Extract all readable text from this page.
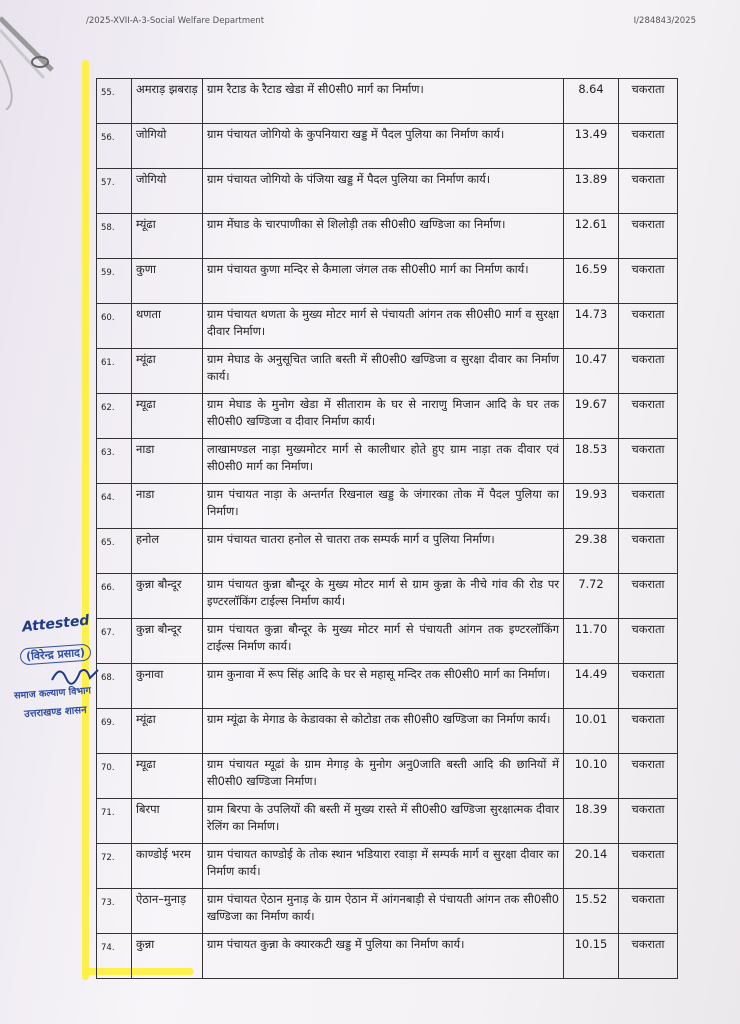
/2025-XVII-A-3-Social Welfare Department	I/284843/2025
55.	अमराड़ झबराड़	ग्राम रैटाड के रैटाड खेडा में सी0सी0 मार्ग का निर्माण।	8.64	चकराता
56.	जोगियो	ग्राम पंचायत जोगियो के कुपनियारा खड्ड में पैदल पुलिया का निर्माण कार्य।	13.49	चकराता
57.	जोगियो	ग्राम पंचायत जोगियो के पंजिया खड्ड में पैदल पुलिया का निर्माण कार्य।	13.89	चकराता
58.	म्यूंढा	ग्राम मेंघाड के चारपाणीका से शिलोड़ी तक सी0सी0 खण्डिजा का निर्माण।	12.61	चकराता
59.	कुणा	ग्राम पंचायत कुणा मन्दिर से कैमाला जंगल तक सी0सी0 मार्ग का निर्माण कार्य।	16.59	चकराता
60.	थणता	ग्राम पंचायत थणता के मुख्य मोटर मार्ग से पंचायती आंगन तक सी0सी0 मार्ग व सुरक्षा दीवार निर्माण।	14.73	चकराता
61.	म्यूंढा	ग्राम मेघाड के अनुसूचित जाति बस्ती में सी0सी0 खण्डिजा व सुरक्षा दीवार का निर्माण कार्य।	10.47	चकराता
62.	म्यूढा	ग्राम मेघाड के मुनोग खेडा में सीताराम के घर से नाराणु मिजान आदि के घर तक सी0सी0 खण्डिजा व दीवार निर्माण कार्य।	19.67	चकराता
63.	नाडा	लाखामण्डल नाड़ा मुख्यमोटर मार्ग से कालीधार होते हुए ग्राम नाड़ा तक दीवार एवं सी0सी0 मार्ग का निर्माण।	18.53	चकराता
64.	नाडा	ग्राम पंचायत नाड़ा के अन्तर्गत रिखनाल खड्ड के जंगारका तोक में पैदल पुलिया का निर्माण।	19.93	चकराता
65.	हनोल	ग्राम पंचायत चातरा हनोल से चातरा तक सम्पर्क मार्ग व पुलिया निर्माण।	29.38	चकराता
66.	कुन्ना बौन्दूर	ग्राम पंचायत कुन्ना बौन्दूर के मुख्य मोटर मार्ग से ग्राम कुन्ना के नीचे गांव की रोड पर इण्टरलॉकिंग टाईल्स निर्माण कार्य।	7.72	चकराता
67.	कुन्ना बौन्दूर	ग्राम पंचायत कुन्ना बौन्दूर के मुख्य मोटर मार्ग से पंचायती आंगन तक इण्टरलॉकिंग टाईल्स निर्माण कार्य।	11.70	चकराता
68.	कुनावा	ग्राम कुनावा में रूप सिंह आदि के घर से महासू मन्दिर तक सी0सी0 मार्ग का निर्माण।	14.49	चकराता
69.	म्यूंढा	ग्राम म्यूंढा के मेगाड के केडावका से कोटोडा तक सी0सी0 खण्डिजा का निर्माण कार्य।	10.01	चकराता
70.	म्यूढा	ग्राम पंचायत म्यूढां के ग्राम मेगाड़ के मुनोग अनु0जाति बस्ती आदि की छानियों में सी0सी0 खण्डिजा निर्माण।	10.10	चकराता
71.	बिरपा	ग्राम बिरपा के उपलियों की बस्ती में मुख्य रास्ते में सी0सी0 खण्डिजा सुरक्षात्मक दीवार रेलिंग का निर्माण।	18.39	चकराता
72.	काण्डोई भरम	ग्राम पंचायत काण्डोई के तोक स्थान भडियारा रवाड़ा में सम्पर्क मार्ग व सुरक्षा दीवार का निर्माण कार्य।	20.14	चकराता
73.	ऐठान–मुनाड़	ग्राम पंचायत ऐठान मुनाड़ के ग्राम ऐठान में आंगनबाड़ी से पंचायती आंगन तक सी0सी0 खण्डिजा का निर्माण कार्य।	15.52	चकराता
74.	कुन्ना	ग्राम पंचायत कुन्ना के क्यारकटी खड्ड में पुलिया का निर्माण कार्य।	10.15	चकराता
Attested
(विरेन्द्र प्रसाद)
समाज कल्याण विभाग
उत्तराखण्ड शासन
